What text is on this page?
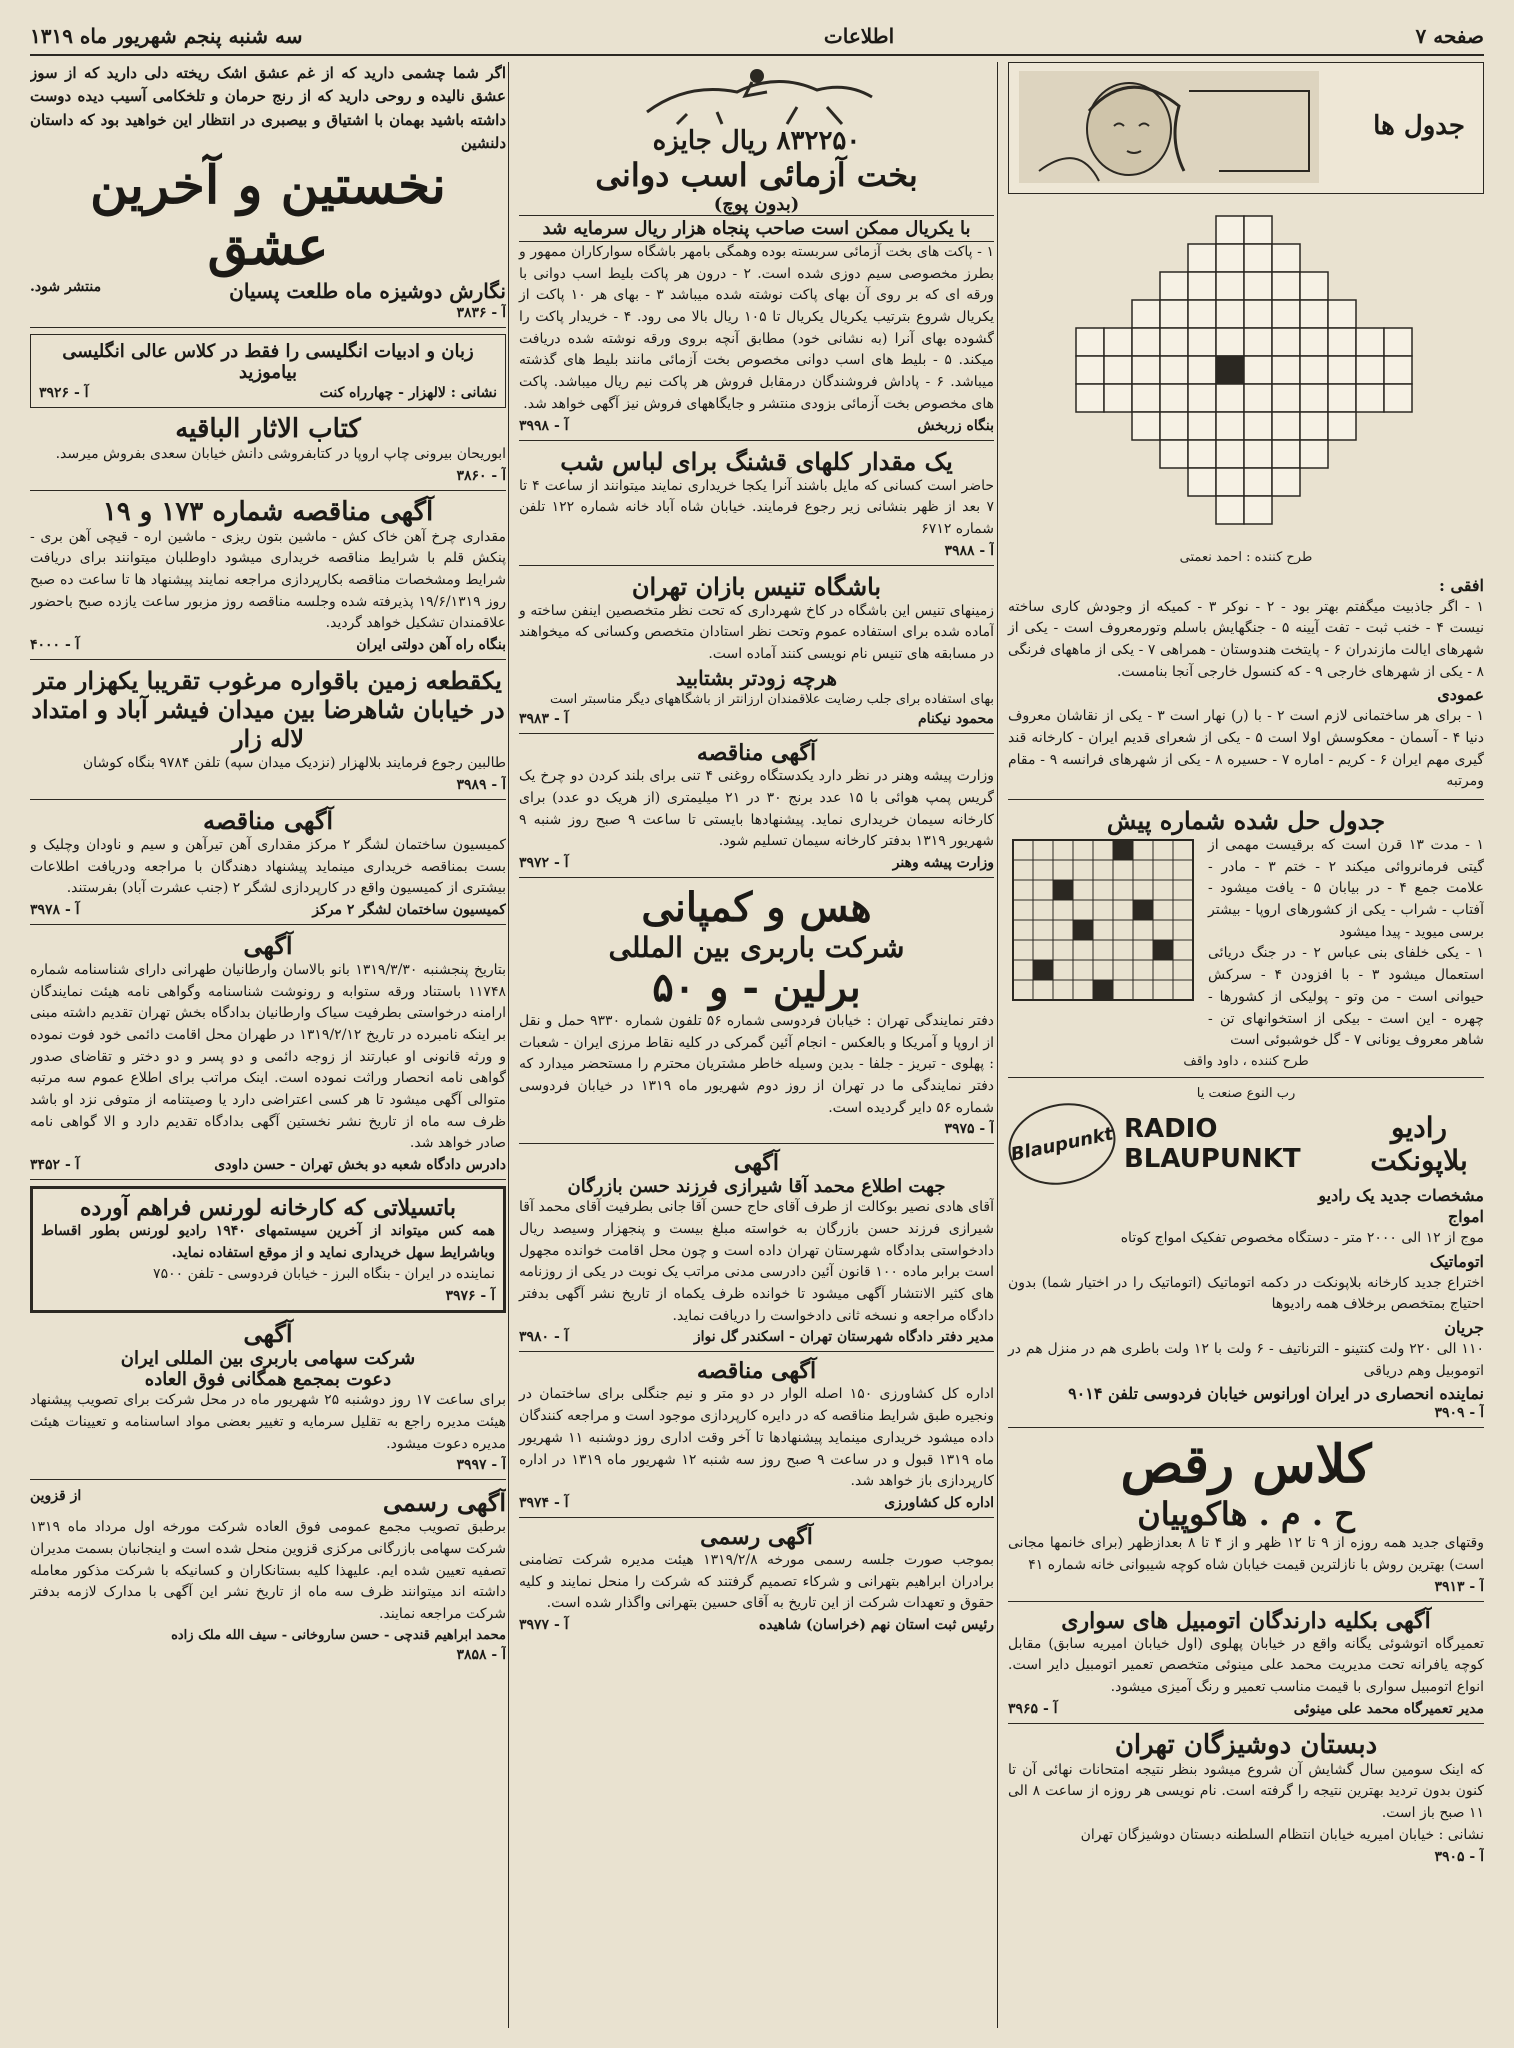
صفحه ۷
اطلاعات
سه شنبه پنجم شهریور ماه ۱۳۱۹
جدول ها
طرح کننده : احمد نعمتی
افقی :
۱ - اگر جاذبیت میگفتم بهتر بود - ۲ - نوکر ۳ - کمیکه از وجودش کاری ساخته نیست ۴ - خنب ثبت - تفت آیینه ۵ - جنگهایش باسلم وتورمعروف است - یکی از شهرهای ایالت مازندران ۶ - پایتخت هندوستان - همراهی ۷ - یکی از ماههای فرنگی ۸ - یکی از شهرهای خارجی ۹ - که کنسول خارجی آنجا بنامست.
عمودی
۱ - برای هر ساختمانی لازم است ۲ - با (ر) نهار است ۳ - یکی از نقاشان معروف دنیا ۴ - آسمان - معکوسش اولا است ۵ - یکی از شعرای قدیم ایران - کارخانه قند گیری مهم ایران ۶ - کریم - اماره ۷ - حسیره ۸ - یکی از شهرهای فرانسه ۹ - مقام ومرتبه
جدول حل شده شماره پیش
۱ - مدت ۱۳ قرن است که برقیست مهمی از گیتی فرمانروائی میکند ۲ - ختم ۳ - مادر - علامت جمع ۴ - در بیابان ۵ - یافت میشود - آفتاب - شراب - یکی از کشورهای اروپا - بیشتر برسی میوید - پیدا میشود
۱ - یکی خلفای بنی عباس ۲ - در جنگ دریائی استعمال میشود ۳ - با افزودن ۴ - سرکش حیوانی است - من وتو - پولیکی از کشورها - چهره - این است - بیکی از استخوانهای تن - شاهر معروف یونانی ۷ - گل خوشبوئی است
طرح کننده ، داود واقف
رب النوع صنعت یا
رادیو بلاپونکت
RADIO BLAUPUNKT
Blaupunkt
مشخصات جدید یک رادیو
امواج
موج از ۱۲ الی ۲۰۰۰ متر - دستگاه مخصوص تفکیک امواج کوتاه
اتوماتیک
اختراع جدید کارخانه بلاپونکت در دکمه اتوماتیک (اتوماتیک را در اختیار شما) بدون احتیاج بمتخصص برخلاف همه رادیوها
جریان
۱۱۰ الی ۲۲۰ ولت کنتینو - الترناتیف - ۶ ولت با ۱۲ ولت باطری هم در منزل هم در اتوموبیل وهم دریاقی
نماینده انحصاری در ایران اورانوس خیابان فردوسی تلفن ۹۰۱۴
آ - ۳۹۰۹
کلاس رقص
ح . م . هاکوپیان
وقتهای جدید همه روزه از ۹ تا ۱۲ ظهر و از ۴ تا ۸ بعدازظهر (برای خانمها مجانی است) بهترین روش با نازلترین قیمت خیابان شاه کوچه شیبوانی خانه شماره ۴۱
آ - ۳۹۱۳
آگهی بکلیه دارندگان اتومبیل های سواری
تعمیرگاه اتوشوئی یگانه واقع در خیابان پهلوی (اول خیابان امیریه سابق) مقابل کوچه یافرانه تحت مدیریت محمد علی مینوئی متخصص تعمیر اتومبیل دایر است. انواع اتومبیل سواری با قیمت مناسب تعمیر و رنگ آمیزی میشود.
مدیر تعمیرگاه محمد علی مینوئی
آ - ۳۹۶۵
دبستان دوشیزگان تهران
که اینک سومین سال گشایش آن شروع میشود بنظر نتیجه امتحانات نهائی آن تا کنون بدون تردید بهترین نتیجه را گرفته است. نام نویسی هر روزه از ساعت ۸ الی ۱۱ صبح باز است.
نشانی : خیابان امیریه خیابان انتظام السلطنه دبستان دوشیزگان تهران
آ - ۳۹۰۵
۸۳۲۲۵۰ ریال جایزه
بخت آزمائی اسب دوانی
(بدون پوچ)
با یکریال ممکن است صاحب پنجاه هزار ریال سرمایه شد
۱ - پاکت های بخت آزمائی سربسته بوده وهمگی بامهر باشگاه سوارکاران ممهور و بطرز مخصوصی سیم دوزی شده است. ۲ - درون هر پاکت بلیط اسب دوانی با ورقه ای که بر روی آن بهای پاکت نوشته شده میباشد ۳ - بهای هر ۱۰ پاکت از یکریال شروع بترتیب یکریال یکریال تا ۱۰۵ ریال بالا می رود. ۴ - خریدار پاکت را گشوده بهای آنرا (به نشانی خود) مطابق آنچه بروی ورقه نوشته شده دریافت میکند. ۵ - بلیط های اسب دوانی مخصوص بخت آزمائی مانند بلیط های گذشته میباشد. ۶ - پاداش فروشندگان درمقابل فروش هر پاکت نیم ریال میباشد. پاکت های مخصوص بخت آزمائی بزودی منتشر و جایگاههای فروش نیز آگهی خواهد شد.
بنگاه زربخش
آ - ۳۹۹۸
یک مقدار کلهای قشنگ برای لباس شب
حاضر است کسانی که مایل باشند آنرا یکجا خریداری نمایند میتوانند از ساعت ۴ تا ۷ بعد از ظهر بنشانی زیر رجوع فرمایند. خیابان شاه آباد خانه شماره ۱۲۲ تلفن شماره ۶۷۱۲
آ - ۳۹۸۸
باشگاه تنیس بازان تهران
زمینهای تنیس این باشگاه در کاخ شهرداری که تحت نظر متخصصین اینفن ساخته و آماده شده برای استفاده عموم وتحت نظر استادان متخصص وکسانی که میخواهند در مسابقه های تنیس نام نویسی کنند آماده است.
هرچه زودتر بشتابید
بهای استفاده برای جلب رضایت علاقمندان ارزانتر از باشگاههای دیگر مناسبتر است
محمود نیکنام
آ - ۳۹۸۳
آگهی مناقصه
وزارت پیشه وهنر در نظر دارد یکدستگاه روغنی ۴ تنی برای بلند کردن دو چرخ یک گریس پمپ هوائی با ۱۵ عدد برنج ۳۰ در ۲۱ میلیمتری (از هریک دو عدد) برای کارخانه سیمان خریداری نماید. پیشنهادها بایستی تا ساعت ۹ صبح روز شنبه ۹ شهریور ۱۳۱۹ بدفتر کارخانه سیمان تسلیم شود.
وزارت پیشه وهنر
آ - ۳۹۷۲
هس و کمپانی
شرکت باربری بین المللی
برلین - و ۵۰
دفتر نمایندگی تهران : خیابان فردوسی شماره ۵۶ تلفون شماره ۹۳۳۰ حمل و نقل از اروپا و آمریکا و بالعکس - انجام آئین گمرکی در کلیه نقاط مرزی ایران - شعبات : پهلوی - تبریز - جلفا - بدین وسیله خاطر مشتریان محترم را مستحضر میدارد که دفتر نمایندگی ما در تهران از روز دوم شهریور ماه ۱۳۱۹ در خیابان فردوسی شماره ۵۶ دایر گردیده است.
آ - ۳۹۷۵
آگهی
جهت اطلاع محمد آقا شیرازی فرزند حسن بازرگان
آقای هادی نصیر بوکالت از طرف آقای حاج حسن آقا جانی بطرفیت آقای محمد آقا شیرازی فرزند حسن بازرگان به خواسته مبلغ بیست و پنجهزار وسیصد ریال دادخواستی بدادگاه شهرستان تهران داده است و چون محل اقامت خوانده مجهول است برابر ماده ۱۰۰ قانون آئین دادرسی مدنی مراتب یک نوبت در یکی از روزنامه های کثیر الانتشار آگهی میشود تا خوانده ظرف یکماه از تاریخ نشر آگهی بدفتر دادگاه مراجعه و نسخه ثانی دادخواست را دریافت نماید.
مدیر دفتر دادگاه شهرستان تهران - اسکندر گل نواز
آ - ۳۹۸۰
آگهی مناقصه
اداره کل کشاورزی ۱۵۰ اصله الوار در دو متر و نیم جنگلی برای ساختمان در ونجیره طبق شرایط مناقصه که در دایره کارپردازی موجود است و مراجعه کنندگان داده میشود خریداری مینماید پیشنهادها تا آخر وقت اداری روز دوشنبه ۱۱ شهریور ماه ۱۳۱۹ قبول و در ساعت ۹ صبح روز سه شنبه ۱۲ شهریور ماه ۱۳۱۹ در اداره کارپردازی باز خواهد شد.
اداره کل کشاورزی
آ - ۳۹۷۴
آگهی رسمی
بموجب صورت جلسه رسمی مورخه ۱۳۱۹/۲/۸ هیئت مدیره شرکت تضامنی برادران ابراهیم بتهرانی و شرکاء تصمیم گرفتند که شرکت را منحل نمایند و کلیه حقوق و تعهدات شرکت از این تاریخ به آقای حسین بتهرانی واگذار شده است.
رئیس ثبت استان نهم (خراسان) شاهیده
آ - ۳۹۷۷
اگر شما چشمی دارید که از غم عشق اشک ریخته دلی دارید که از سوز عشق نالیده و روحی دارید که از رنج حرمان و تلخکامی آسیب دیده دوست داشته باشید بهمان با اشتیاق و بیصبری در انتظار این خواهید بود که داستان دلنشین
نخستین و آخرین عشق
نگارش دوشیزه ماه طلعت پسیان
منتشر شود.
آ - ۳۸۳۶
زبان و ادبیات انگلیسی را فقط در کلاس عالی انگلیسی بیاموزید
نشانی : لالهزار - چهارراه کنت
آ - ۳۹۲۶
کتاب الاثار الباقیه
ابوریحان بیرونی چاپ اروپا در کتابفروشی دانش خیابان سعدی بفروش میرسد.
آ - ۳۸۶۰
آگهی مناقصه شماره ۱۷۳ و ۱۹
مقداری چرخ آهن خاک کش - ماشین بتون ریزی - ماشین اره - قیچی آهن بری - پنکش قلم با شرایط مناقصه خریداری میشود داوطلبان میتوانند برای دریافت شرایط ومشخصات مناقصه بکارپردازی مراجعه نمایند پیشنهاد ها تا ساعت ده صبح روز ۱۹/۶/۱۳۱۹ پذیرفته شده وجلسه مناقصه روز مزبور ساعت یازده صبح باحضور علاقمندان تشکیل خواهد گردید.
بنگاه راه آهن دولتی ایران
آ - ۴۰۰۰
یکقطعه زمین باقواره مرغوب تقریبا یکهزار متر در خیابان شاهرضا بین میدان فیشر آباد و امتداد لاله زار
طالبین رجوع فرمایند بلالهزار (نزدیک میدان سپه) تلفن ۹۷۸۴ بنگاه کوشان
آ - ۳۹۸۹
آگهی مناقصه
کمیسیون ساختمان لشگر ۲ مرکز مقداری آهن تیرآهن و سیم و ناودان وچلیک و بست بمناقصه خریداری مینماید پیشنهاد دهندگان با مراجعه ودریافت اطلاعات بیشتری از کمیسیون واقع در کارپردازی لشگر ۲ (جنب عشرت آباد) بفرستند.
کمیسیون ساختمان لشگر ۲ مرکز
آ - ۳۹۷۸
آگهی
بتاریخ پنجشنبه ۱۳۱۹/۳/۳۰ بانو بالاسان وارطانیان طهرانی دارای شناسنامه شماره ۱۱۷۴۸ باستناد ورقه ستوابه و رونوشت شناسنامه وگواهی نامه هیئت نمایندگان ارامنه درخواستی بطرفیت سیاک وارطانیان بدادگاه بخش تهران تقدیم داشته مبنی بر اینکه نامبرده در تاریخ ۱۳۱۹/۲/۱۲ در طهران محل اقامت دائمی خود فوت نموده و ورثه قانونی او عبارتند از زوجه دائمی و دو پسر و دو دختر و تقاضای صدور گواهی نامه انحصار وراثت نموده است. اینک مراتب برای اطلاع عموم سه مرتبه متوالی آگهی میشود تا هر کسی اعتراضی دارد یا وصیتنامه از متوفی نزد او باشد ظرف سه ماه از تاریخ نشر نخستین آگهی بدادگاه تقدیم دارد و الا گواهی نامه صادر خواهد شد.
دادرس دادگاه شعبه دو بخش تهران - حسن داودی
آ - ۳۴۵۲
باتسیلاتی که کارخانه لورنس فراهم آورده
همه کس میتواند از آخرین سیستمهای ۱۹۴۰ رادیو لورنس بطور اقساط وباشرایط سهل خریداری نماید و از موقع استفاده نماید.
نماینده در ایران - بنگاه البرز - خیابان فردوسی - تلفن ۷۵۰۰
آ - ۳۹۷۶
آگهی
شرکت سهامی باربری بین المللی ایران
دعوت بمجمع همگانی فوق العاده
برای ساعت ۱۷ روز دوشنبه ۲۵ شهریور ماه در محل شرکت برای تصویب پیشنهاد هیئت مدیره راجع به تقلیل سرمایه و تغییر بعضی مواد اساسنامه و تعیینات هیئت مدیره دعوت میشود.
آ - ۳۹۹۷
آگهی رسمی
از قزوین
برطبق تصویب مجمع عمومی فوق العاده شرکت مورخه اول مرداد ماه ۱۳۱۹ شرکت سهامی بازرگانی مرکزی قزوین منحل شده است و اینجانبان بسمت مدیران تصفیه تعیین شده ایم. علیهذا کلیه بستانکاران و کسانیکه با شرکت مذکور معامله داشته اند میتوانند ظرف سه ماه از تاریخ نشر این آگهی با مدارک لازمه بدفتر شرکت مراجعه نمایند.
محمد ابراهیم قندچی - حسن ساروخانی - سیف الله ملک زاده
آ - ۳۸۵۸
